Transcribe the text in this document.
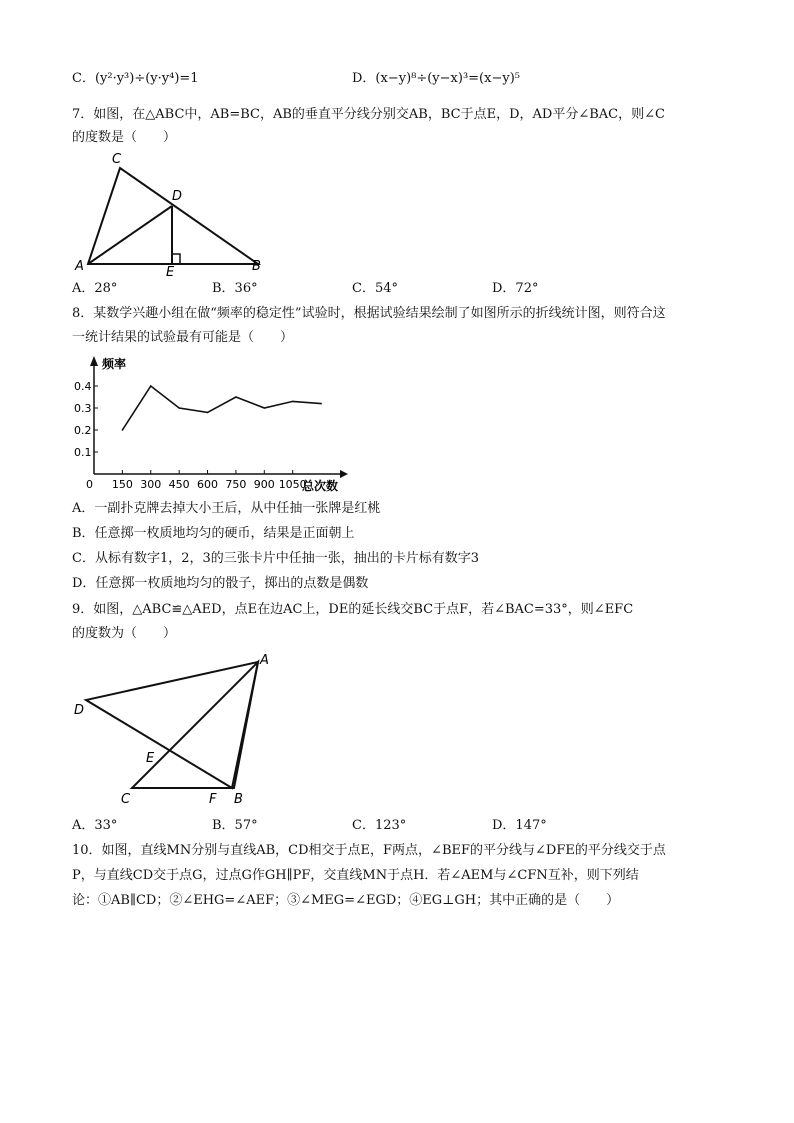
C．(y²·y³)÷(y·y⁴)=1	D．(x−y)⁸÷(y−x)³=(x−y)⁵
7．如图，在△ABC中，AB=BC，AB的垂直平分线分别交AB，BC于点E，D，AD平分∠BAC，则∠C
的度数是（　　）
C
D
A	E	B
A．28°	B．36°	C．54°	D．72°
8．某数学兴趣小组在做“频率的稳定性”试验时，根据试验结果绘制了如图所示的折线统计图，则符合这
一统计结果的试验最有可能是（　　）
频率
总次数
0
0.1
0.2
0.3
0.4
150 300 450 600 750 900 1050
A．一副扑克牌去掉大小王后，从中任抽一张牌是红桃
B．任意掷一枚质地均匀的硬币，结果是正面朝上
C．从标有数字1，2，3的三张卡片中任抽一张，抽出的卡片标有数字3
D．任意掷一枚质地均匀的骰子，掷出的点数是偶数
9．如图，△ABC≌△AED，点E在边AC上，DE的延长线交BC于点F，若∠BAC=33°，则∠EFC
的度数为（　　）
A
D
E
C	F B
A．33°	B．57°	C．123°	D．147°
10．如图，直线MN分别与直线AB，CD相交于点E，F两点，∠BEF的平分线与∠DFE的平分线交于点
P，与直线CD交于点G，过点G作GH∥PF，交直线MN于点H．若∠AEM与∠CFN互补，则下列结
论：①AB∥CD；②∠EHG=∠AEF；③∠MEG=∠EGD；④EG⊥GH；其中正确的是（　　）
